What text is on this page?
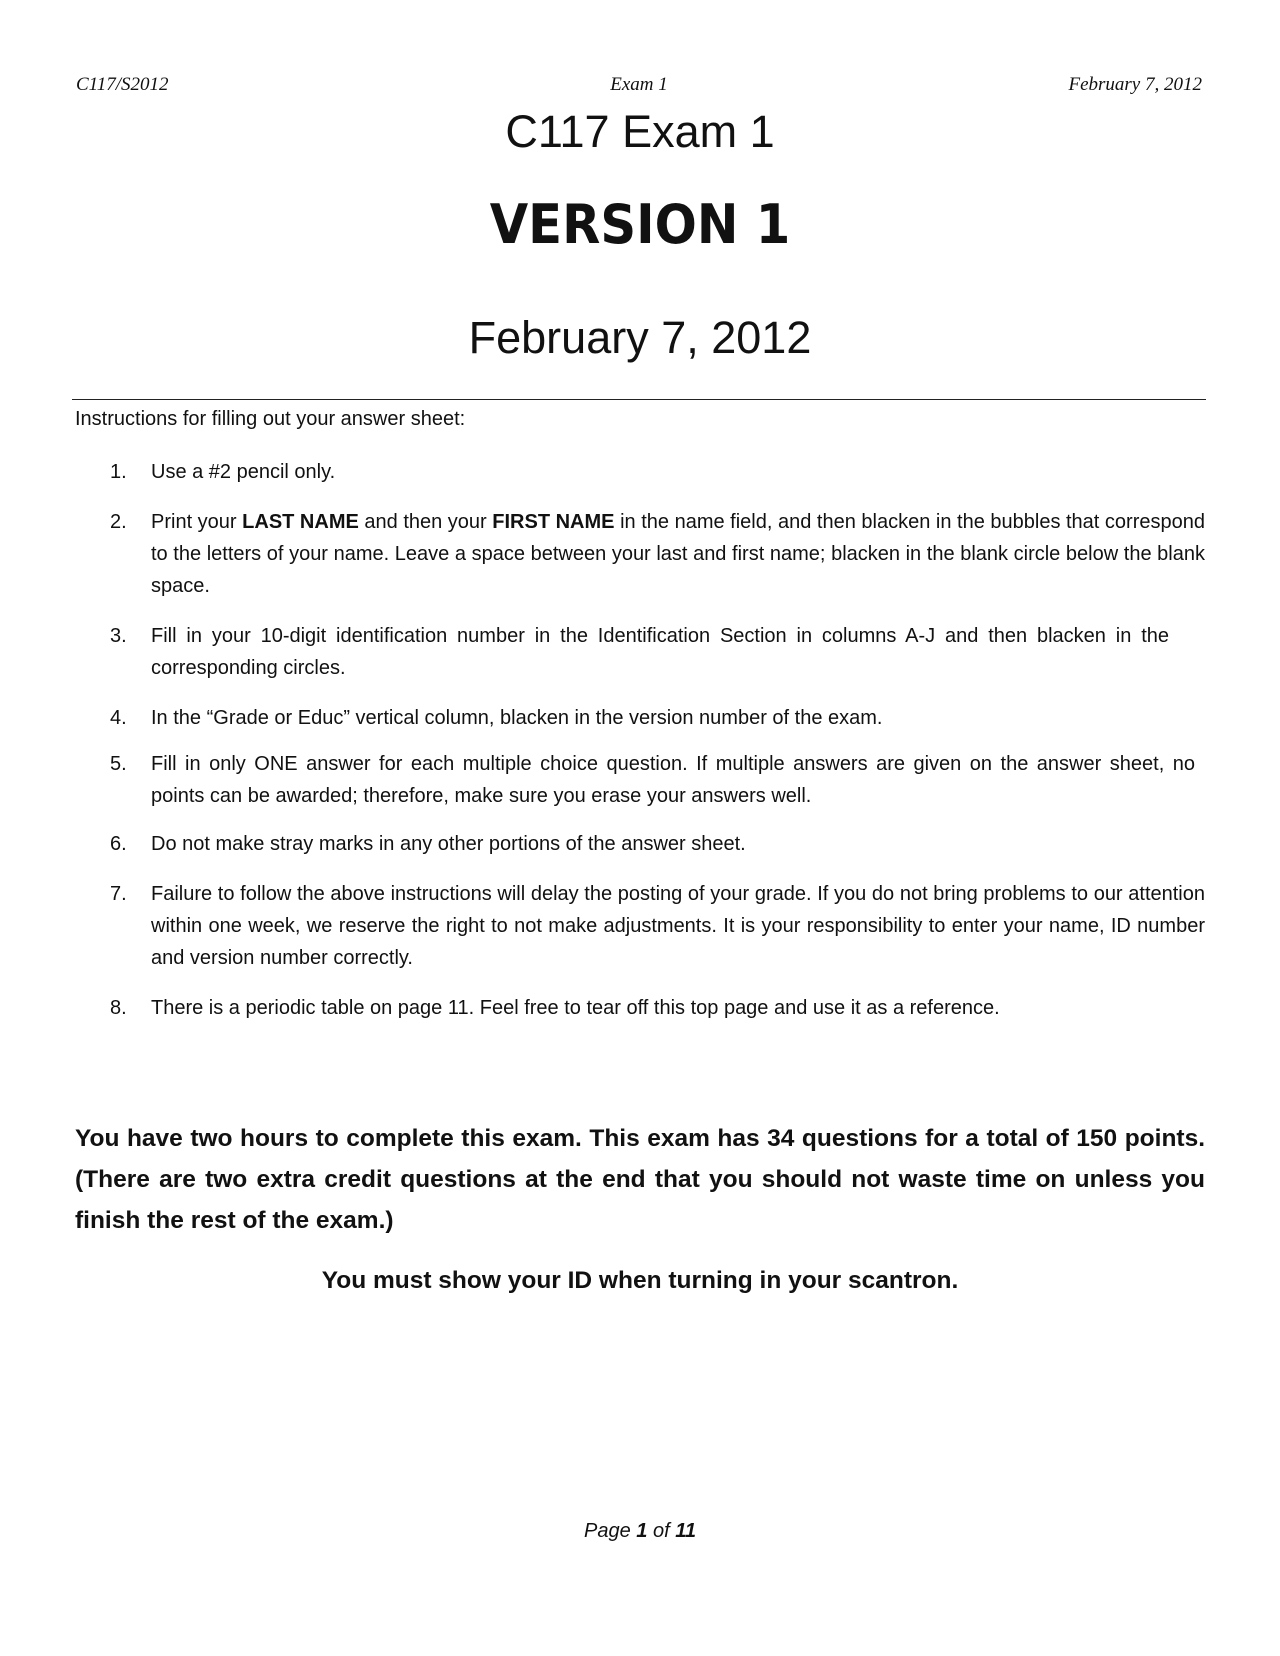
C117/S2012	Exam 1	February 7, 2012
C117 Exam 1
VERSION 1
February 7, 2012
Instructions for filling out your answer sheet:
1. Use a #2 pencil only.
2. Print your LAST NAME and then your FIRST NAME in the name field, and then blacken in the bubbles that correspond to the letters of your name. Leave a space between your last and first name; blacken in the blank circle below the blank space.
3. Fill in your 10-digit identification number in the Identification Section in columns A-J and then blacken in the corresponding circles.
4. In the “Grade or Educ” vertical column, blacken in the version number of the exam.
5. Fill in only ONE answer for each multiple choice question. If multiple answers are given on the answer sheet, no points can be awarded; therefore, make sure you erase your answers well.
6. Do not make stray marks in any other portions of the answer sheet.
7. Failure to follow the above instructions will delay the posting of your grade. If you do not bring problems to our attention within one week, we reserve the right to not make adjustments. It is your responsibility to enter your name, ID number and version number correctly.
8. There is a periodic table on page 11. Feel free to tear off this top page and use it as a reference.
You have two hours to complete this exam. This exam has 34 questions for a total of 150 points. (There are two extra credit questions at the end that you should not waste time on unless you finish the rest of the exam.)
You must show your ID when turning in your scantron.
Page 1 of 11
